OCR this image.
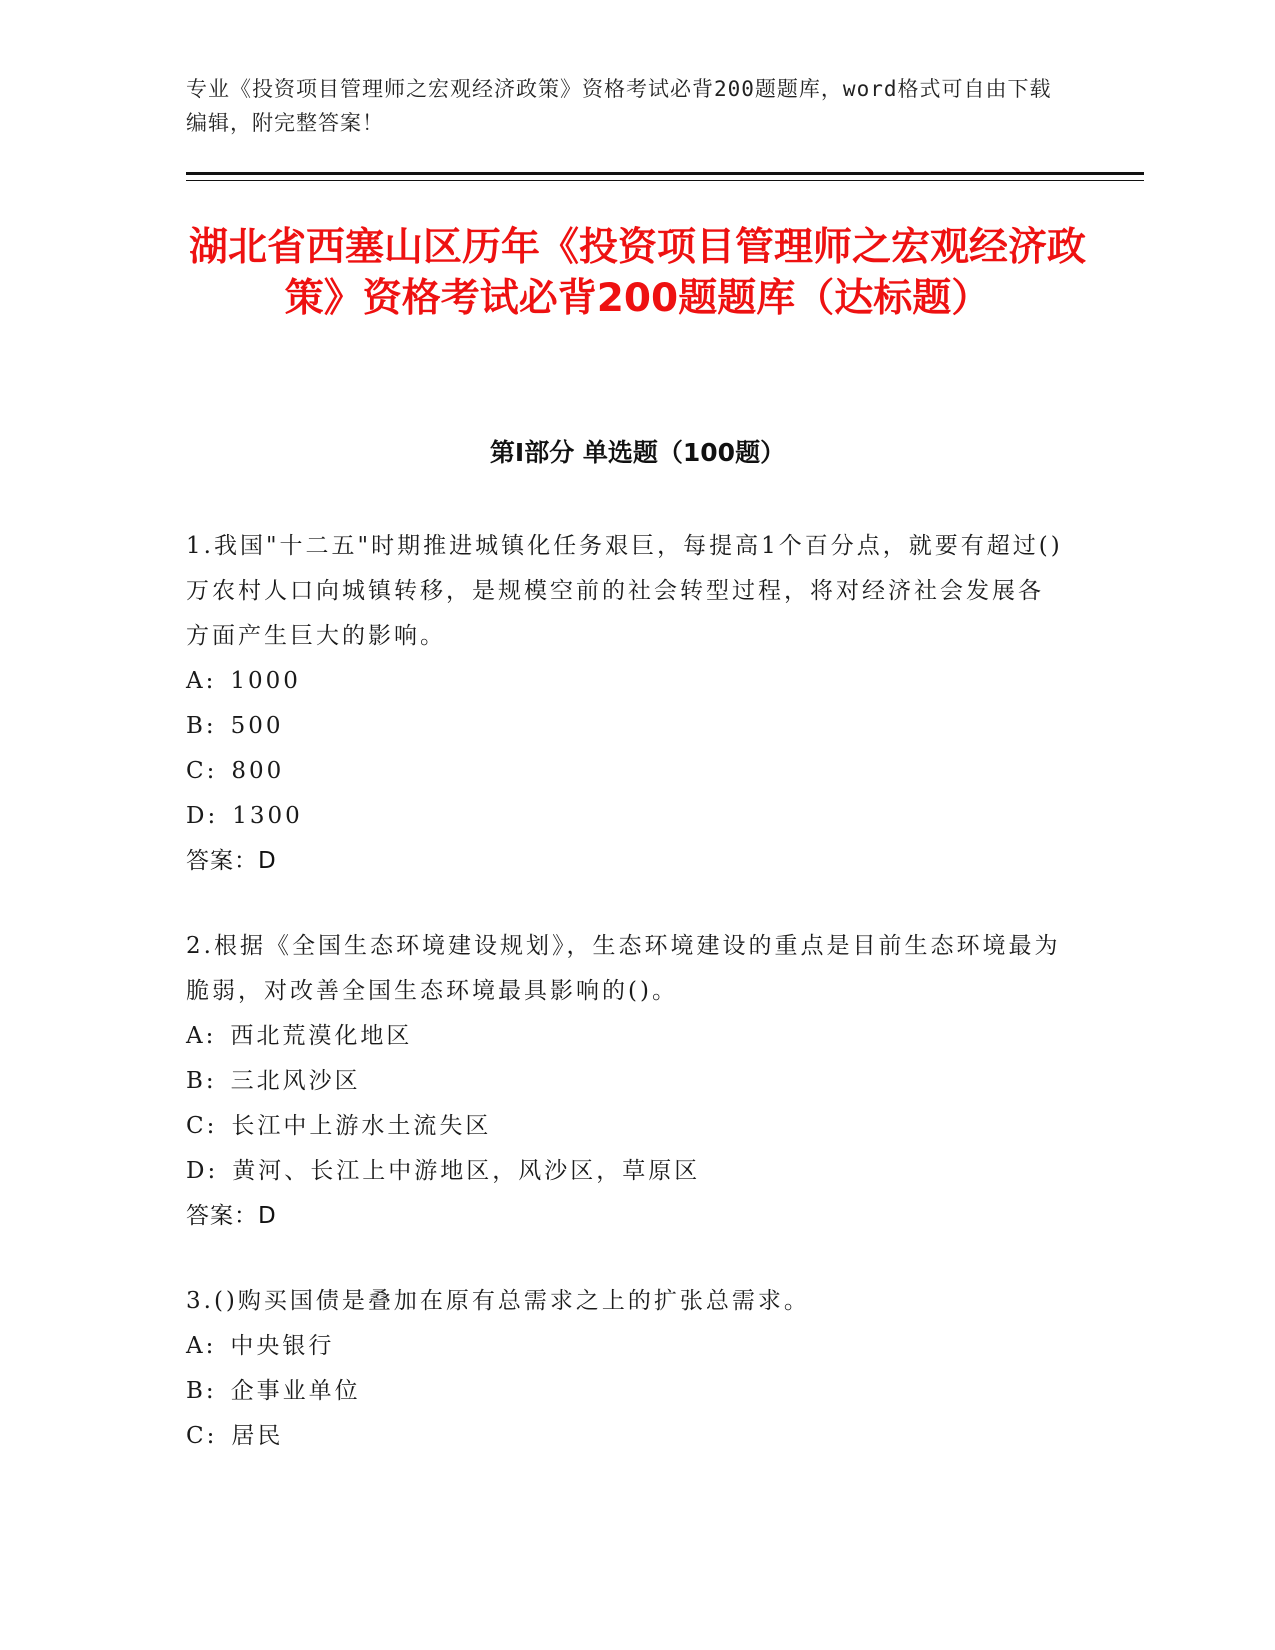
专业《投资项目管理师之宏观经济政策》资格考试必背200题题库，word格式可自由下载编辑，附完整答案！
湖北省西塞山区历年《投资项目管理师之宏观经济政策》资格考试必背200题题库（达标题）
第Ⅰ部分 单选题（100题）

1.我国"十二五"时期推进城镇化任务艰巨，每提高1个百分点，就要有超过()万农村人口向城镇转移，是规模空前的社会转型过程，将对经济社会发展各方面产生巨大的影响。

A: 1000
B: 500
C: 800
D: 1300
答案：D

2.根据《全国生态环境建设规划》，生态环境建设的重点是目前生态环境最为脆弱，对改善全国生态环境最具影响的()。

A: 西北荒漠化地区
B: 三北风沙区
C: 长江中上游水土流失区
D: 黄河、长江上中游地区，风沙区，草原区
答案：D

3.()购买国债是叠加在原有总需求之上的扩张总需求。

A: 中央银行
B: 企事业单位
C: 居民
